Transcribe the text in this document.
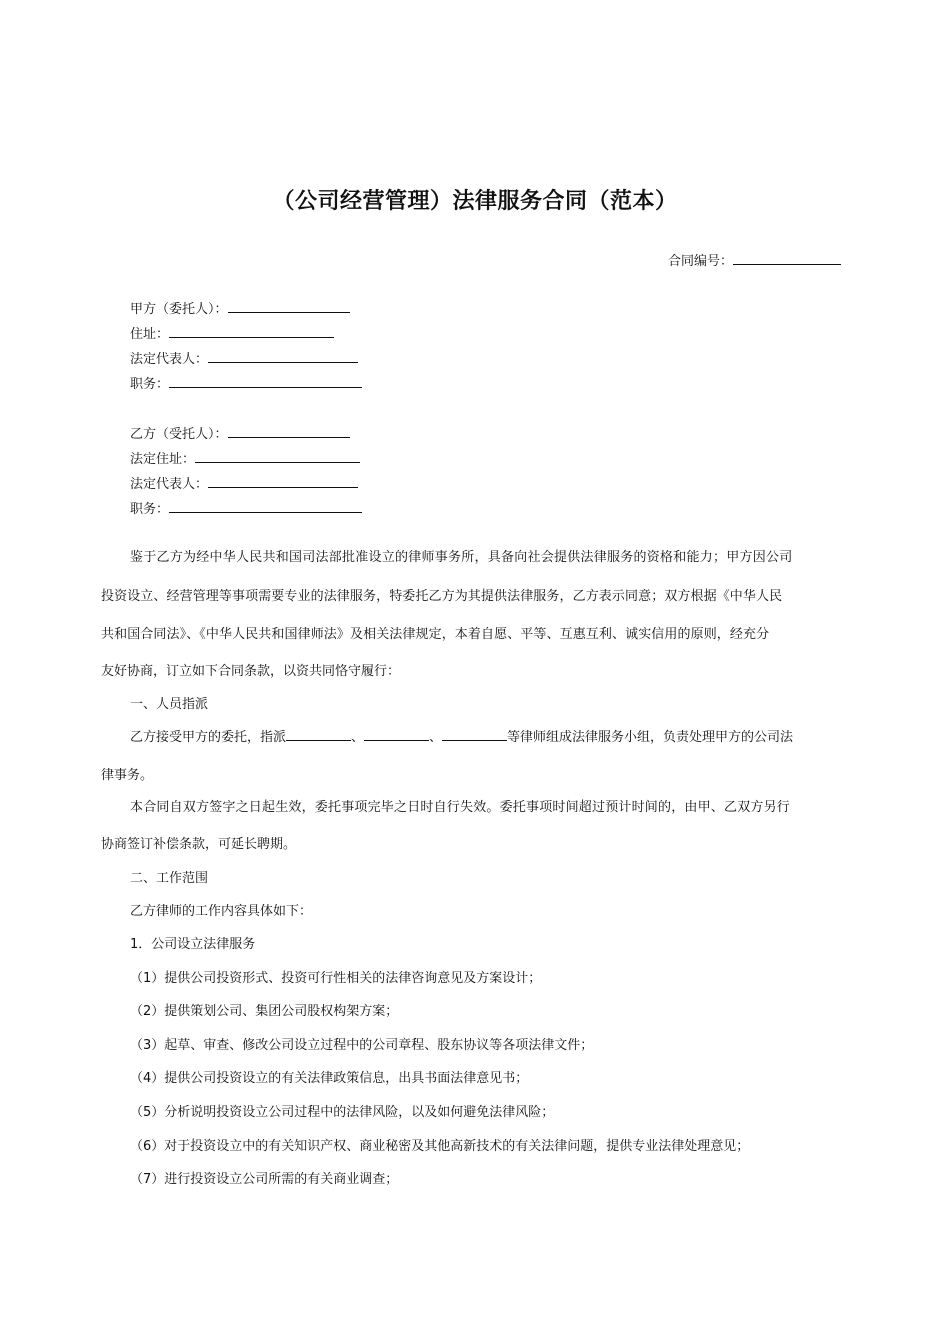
（公司经营管理）法律服务合同（范本）
合同编号：
甲方（委托人）：
住址：
法定代表人：
职务：
乙方（受托人）：
法定住址：
法定代表人：
职务：
鉴于乙方为经中华人民共和国司法部批准设立的律师事务所，具备向社会提供法律服务的资格和能力；甲方因公司
投资设立、经营管理等事项需要专业的法律服务，特委托乙方为其提供法律服务，乙方表示同意；双方根据《中华人民
共和国合同法》、《中华人民共和国律师法》及相关法律规定，本着自愿、平等、互惠互利、诚实信用的原则，经充分
友好协商，订立如下合同条款，以资共同恪守履行：
一、人员指派
乙方接受甲方的委托，指派	、	、	等律师组成法律服务小组，负责处理甲方的公司法
律事务。
本合同自双方签字之日起生效，委托事项完毕之日时自行失效。委托事项时间超过预计时间的，由甲、乙双方另行
协商签订补偿条款，可延长聘期。
二、工作范围
乙方律师的工作内容具体如下：
1．公司设立法律服务
（1）提供公司投资形式、投资可行性相关的法律咨询意见及方案设计；
（2）提供策划公司、集团公司股权构架方案；
（3）起草、审查、修改公司设立过程中的公司章程、股东协议等各项法律文件；
（4）提供公司投资设立的有关法律政策信息，出具书面法律意见书；
（5）分析说明投资设立公司过程中的法律风险，以及如何避免法律风险；
（6）对于投资设立中的有关知识产权、商业秘密及其他高新技术的有关法律问题，提供专业法律处理意见；
（7）进行投资设立公司所需的有关商业调查；
